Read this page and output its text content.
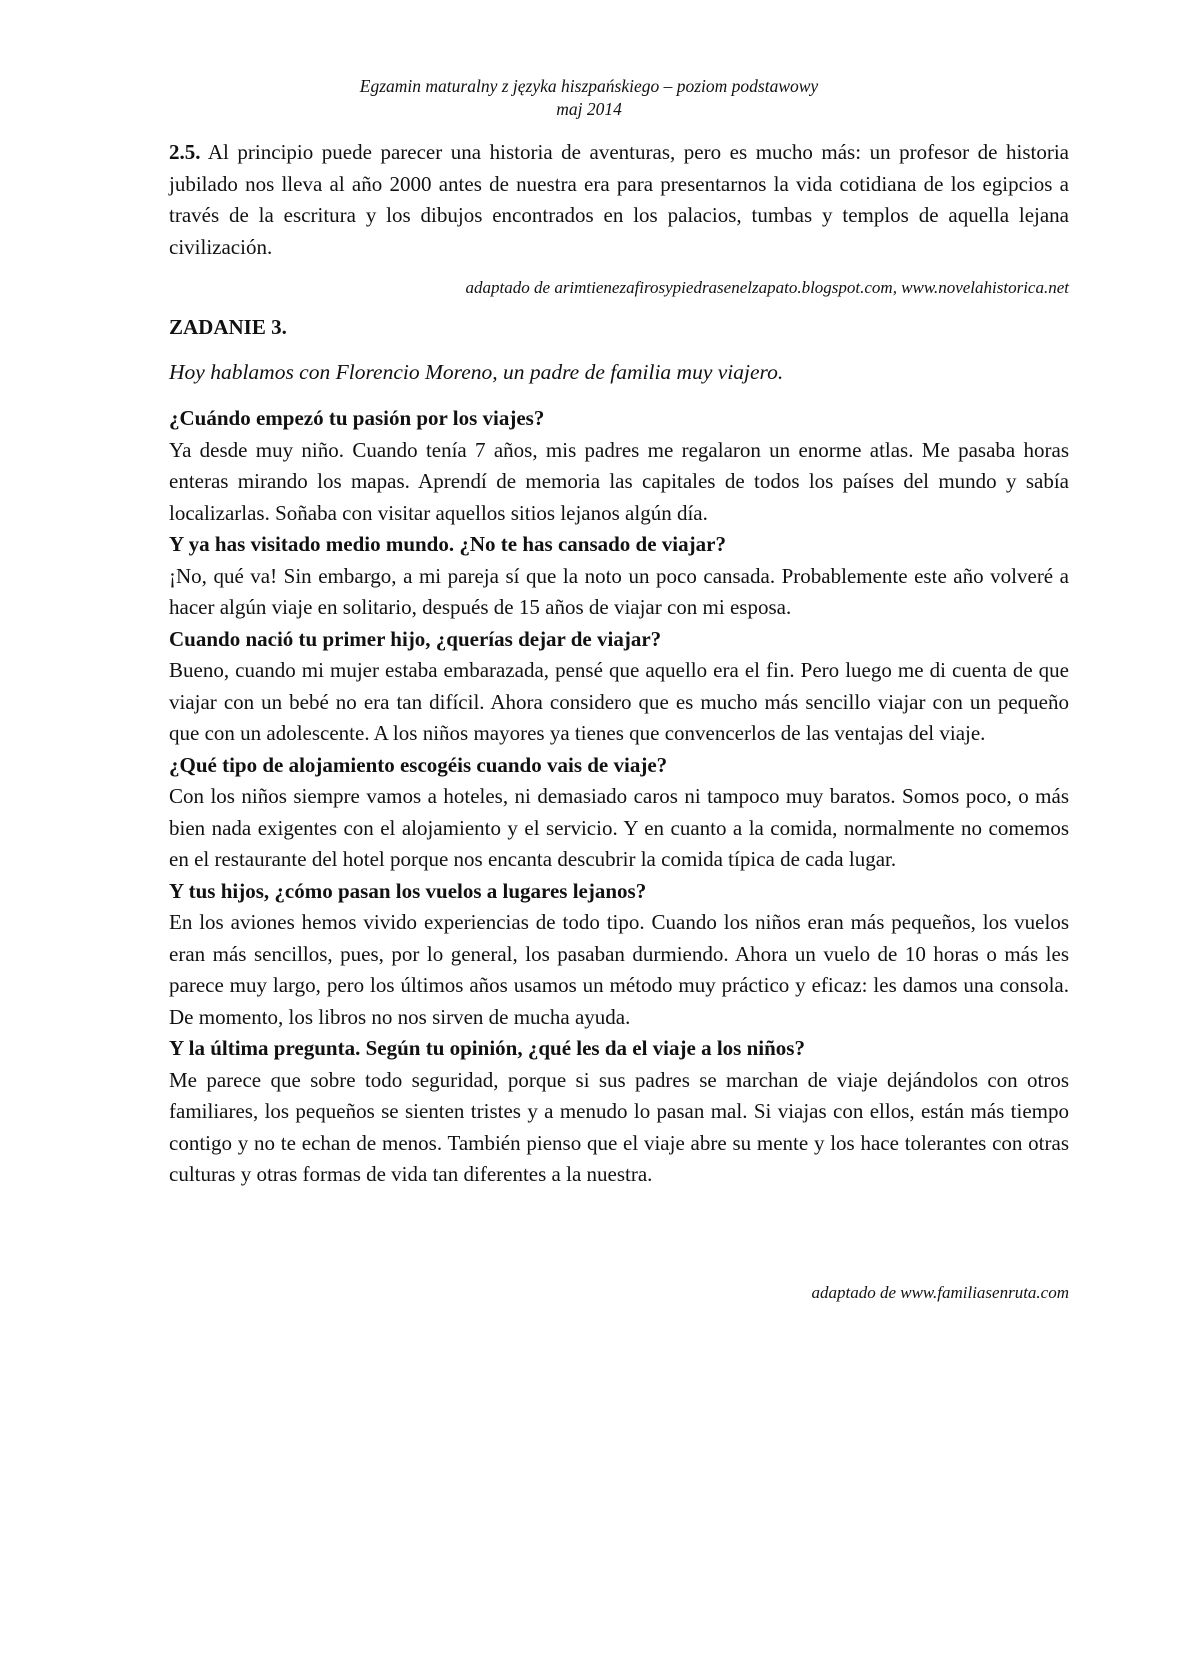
Egzamin maturalny z języka hiszpańskiego – poziom podstawowy
maj 2014

2.5. Al principio puede parecer una historia de aventuras, pero es mucho más: un profesor de historia jubilado nos lleva al año 2000 antes de nuestra era para presentarnos la vida cotidiana de los egipcios a través de la escritura y los dibujos encontrados en los palacios, tumbas y templos de aquella lejana civilización.

adaptado de arimtienezafirosypiedrasenelzapato.blogspot.com, www.novelahistorica.net
ZADANIE 3.
Hoy hablamos con Florencio Moreno, un padre de familia muy viajero.

¿Cuándo empezó tu pasión por los viajes?

Ya desde muy niño. Cuando tenía 7 años, mis padres me regalaron un enorme atlas. Me pasaba horas enteras mirando los mapas. Aprendí de memoria las capitales de todos los países del mundo y sabía localizarlas. Soñaba con visitar aquellos sitios lejanos algún día.

Y ya has visitado medio mundo. ¿No te has cansado de viajar?

¡No, qué va! Sin embargo, a mi pareja sí que la noto un poco cansada. Probablemente este año volveré a hacer algún viaje en solitario, después de 15 años de viajar con mi esposa.

Cuando nació tu primer hijo, ¿querías dejar de viajar?

Bueno, cuando mi mujer estaba embarazada, pensé que aquello era el fin. Pero luego me di cuenta de que viajar con un bebé no era tan difícil. Ahora considero que es mucho más sencillo viajar con un pequeño que con un adolescente. A los niños mayores ya tienes que convencerlos de las ventajas del viaje.

¿Qué tipo de alojamiento escogéis cuando vais de viaje?

Con los niños siempre vamos a hoteles, ni demasiado caros ni tampoco muy baratos. Somos poco, o más bien nada exigentes con el alojamiento y el servicio. Y en cuanto a la comida, normalmente no comemos en el restaurante del hotel porque nos encanta descubrir la comida típica de cada lugar.

Y tus hijos, ¿cómo pasan los vuelos a lugares lejanos?

En los aviones hemos vivido experiencias de todo tipo. Cuando los niños eran más pequeños, los vuelos eran más sencillos, pues, por lo general, los pasaban durmiendo. Ahora un vuelo de 10 horas o más les parece muy largo, pero los últimos años usamos un método muy práctico y eficaz: les damos una consola. De momento, los libros no nos sirven de mucha ayuda.

Y la última pregunta. Según tu opinión, ¿qué les da el viaje a los niños?

Me parece que sobre todo seguridad, porque si sus padres se marchan de viaje dejándolos con otros familiares, los pequeños se sienten tristes y a menudo lo pasan mal. Si viajas con ellos, están más tiempo contigo y no te echan de menos. También pienso que el viaje abre su mente y los hace tolerantes con otras culturas y otras formas de vida tan diferentes a la nuestra.

adaptado de www.familiasenruta.com
